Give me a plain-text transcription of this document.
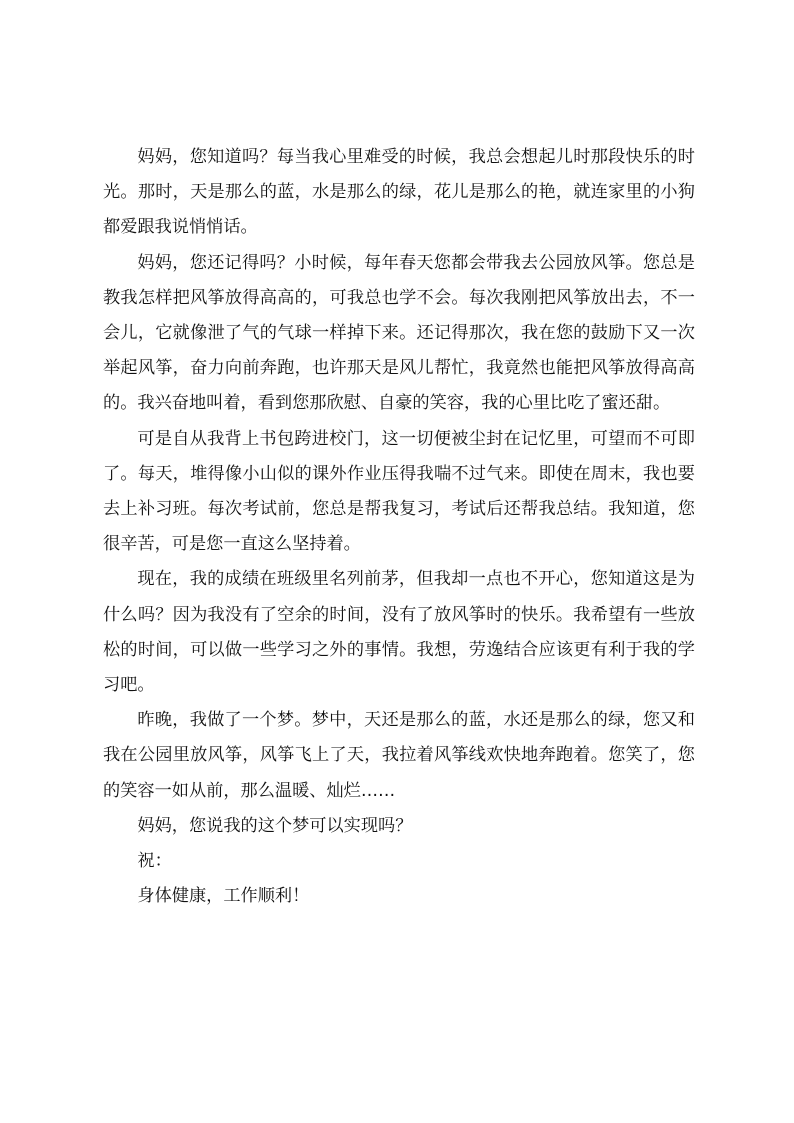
妈妈，您知道吗？每当我心里难受的时候，我总会想起儿时那段快乐的时光。那时，天是那么的蓝，水是那么的绿，花儿是那么的艳，就连家里的小狗都爱跟我说悄悄话。

妈妈，您还记得吗？小时候，每年春天您都会带我去公园放风筝。您总是教我怎样把风筝放得高高的，可我总也学不会。每次我刚把风筝放出去，不一会儿，它就像泄了气的气球一样掉下来。还记得那次，我在您的鼓励下又一次举起风筝，奋力向前奔跑，也许那天是风儿帮忙，我竟然也能把风筝放得高高的。我兴奋地叫着，看到您那欣慰、自豪的笑容，我的心里比吃了蜜还甜。

可是自从我背上书包跨进校门，这一切便被尘封在记忆里，可望而不可即了。每天，堆得像小山似的课外作业压得我喘不过气来。即使在周末，我也要去上补习班。每次考试前，您总是帮我复习，考试后还帮我总结。我知道，您很辛苦，可是您一直这么坚持着。

现在，我的成绩在班级里名列前茅，但我却一点也不开心，您知道这是为什么吗？因为我没有了空余的时间，没有了放风筝时的快乐。我希望有一些放松的时间，可以做一些学习之外的事情。我想，劳逸结合应该更有利于我的学习吧。

昨晚，我做了一个梦。梦中，天还是那么的蓝，水还是那么的绿，您又和我在公园里放风筝，风筝飞上了天，我拉着风筝线欢快地奔跑着。您笑了，您的笑容一如从前，那么温暖、灿烂……

妈妈，您说我的这个梦可以实现吗？

祝：

身体健康，工作顺利！
